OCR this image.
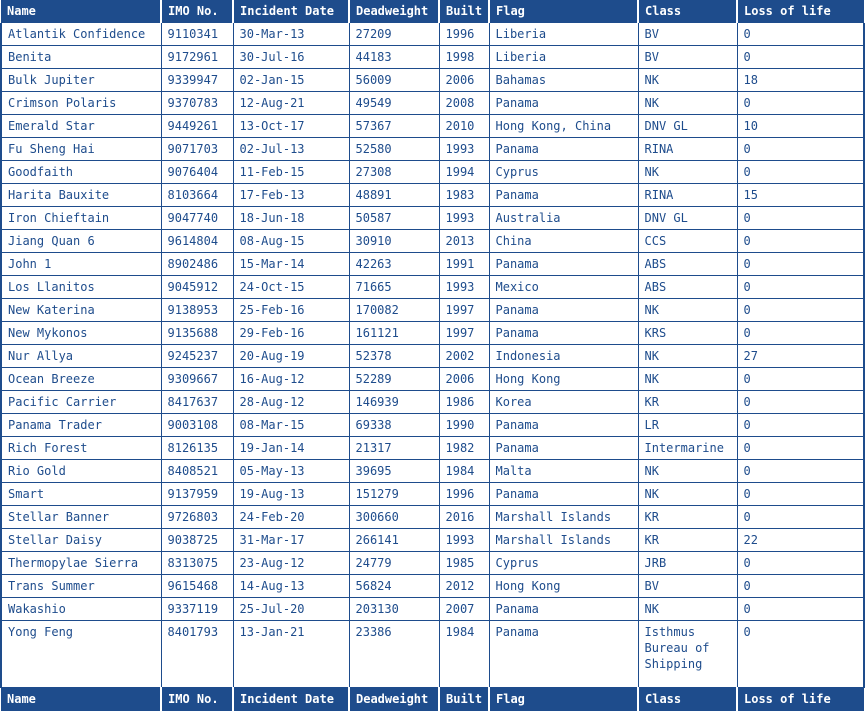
Name	IMO No.	Incident Date	Deadweight	Built	Flag	Class	Loss of life
Atlantik Confidence	9110341	30-Mar-13	27209	1996	Liberia	BV	0
Benita	9172961	30-Jul-16	44183	1998	Liberia	BV	0
Bulk Jupiter	9339947	02-Jan-15	56009	2006	Bahamas	NK	18
Crimson Polaris	9370783	12-Aug-21	49549	2008	Panama	NK	0
Emerald Star	9449261	13-Oct-17	57367	2010	Hong Kong, China	DNV GL	10
Fu Sheng Hai	9071703	02-Jul-13	52580	1993	Panama	RINA	0
Goodfaith	9076404	11-Feb-15	27308	1994	Cyprus	NK	0
Harita Bauxite	8103664	17-Feb-13	48891	1983	Panama	RINA	15
Iron Chieftain	9047740	18-Jun-18	50587	1993	Australia	DNV GL	0
Jiang Quan 6	9614804	08-Aug-15	30910	2013	China	CCS	0
John 1	8902486	15-Mar-14	42263	1991	Panama	ABS	0
Los Llanitos	9045912	24-Oct-15	71665	1993	Mexico	ABS	0
New Katerina	9138953	25-Feb-16	170082	1997	Panama	NK	0
New Mykonos	9135688	29-Feb-16	161121	1997	Panama	KRS	0
Nur Allya	9245237	20-Aug-19	52378	2002	Indonesia	NK	27
Ocean Breeze	9309667	16-Aug-12	52289	2006	Hong Kong	NK	0
Pacific Carrier	8417637	28-Aug-12	146939	1986	Korea	KR	0
Panama Trader	9003108	08-Mar-15	69338	1990	Panama	LR	0
Rich Forest	8126135	19-Jan-14	21317	1982	Panama	Intermarine	0
Rio Gold	8408521	05-May-13	39695	1984	Malta	NK	0
Smart	9137959	19-Aug-13	151279	1996	Panama	NK	0
Stellar Banner	9726803	24-Feb-20	300660	2016	Marshall Islands	KR	0
Stellar Daisy	9038725	31-Mar-17	266141	1993	Marshall Islands	KR	22
Thermopylae Sierra	8313075	23-Aug-12	24779	1985	Cyprus	JRB	0
Trans Summer	9615468	14-Aug-13	56824	2012	Hong Kong	BV	0
Wakashio	9337119	25-Jul-20	203130	2007	Panama	NK	0
Yong Feng	8401793	13-Jan-21	23386	1984	Panama	Isthmus Bureau of Shipping	0
Name	IMO No.	Incident Date	Deadweight	Built	Flag	Class	Loss of life
